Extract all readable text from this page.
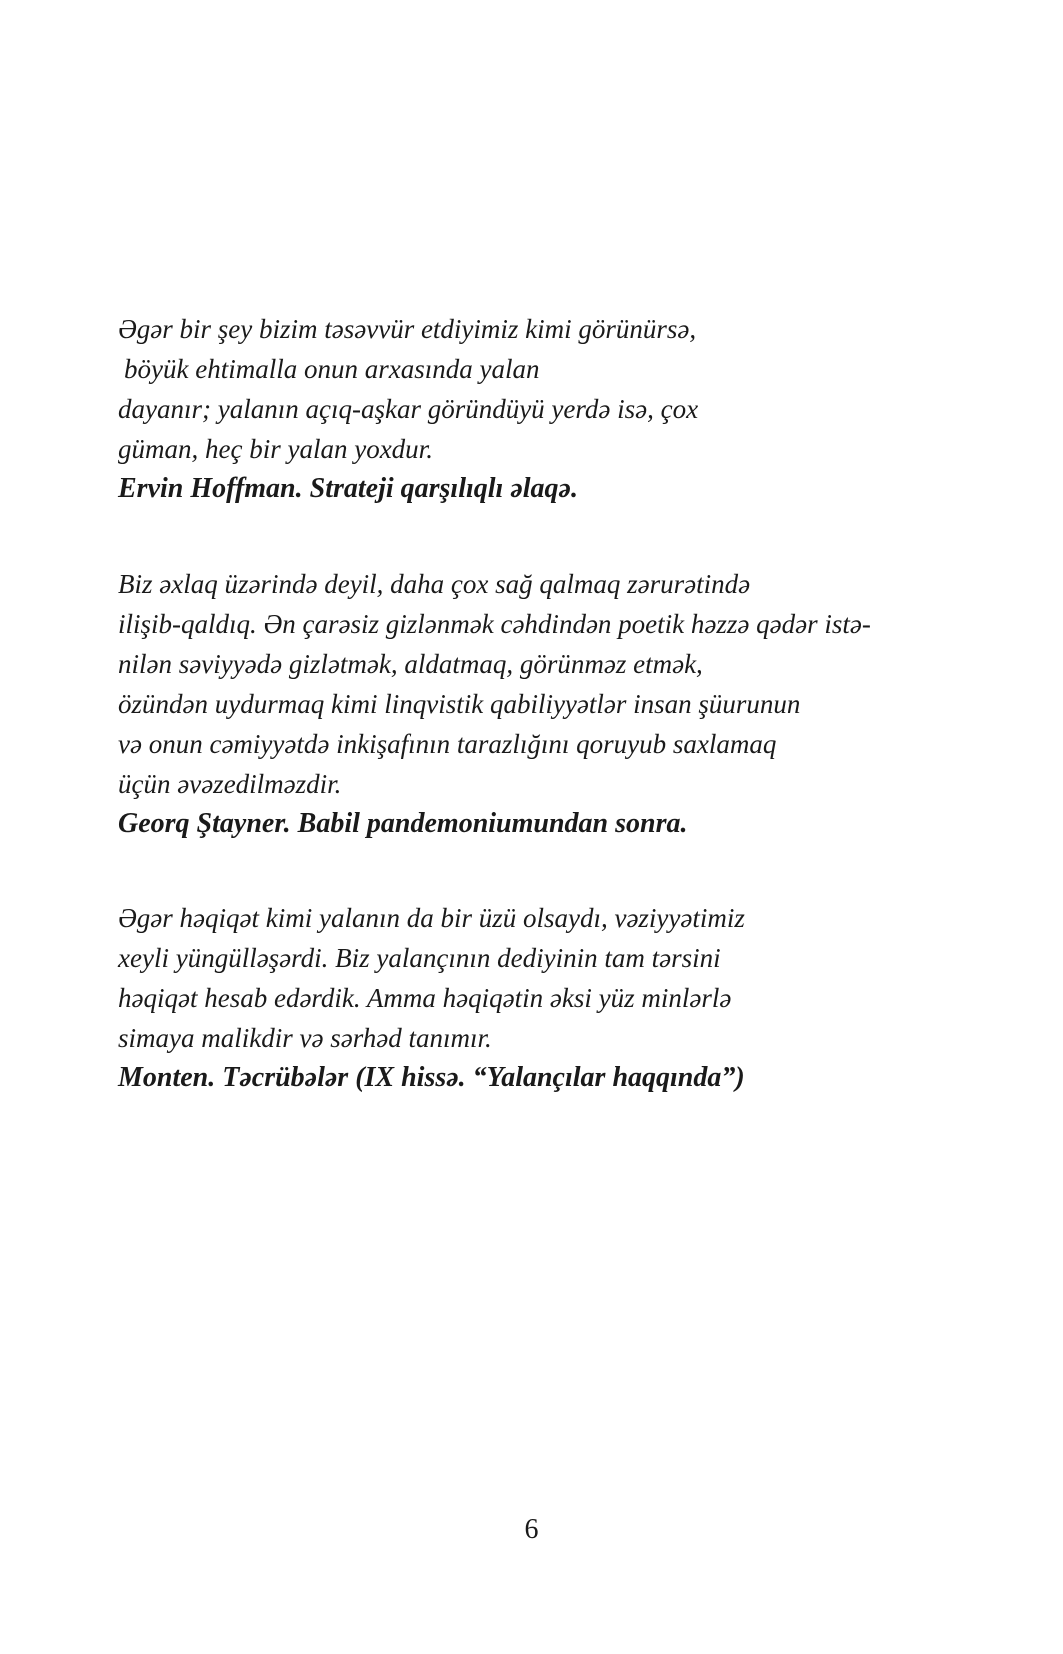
Əgər bir şey bizim təsəvvür etdiyimiz kimi görünürsə,
böyük ehtimalla onun arxasında yalan
dayanır; yalanın açıq-aşkar göründüyü yerdə isə, çox
güman, heç bir yalan yoxdur.
Ervin Hoffman. Strateji qarşılıqlı əlaqə.
Biz əxlaq üzərində deyil, daha çox sağ qalmaq zərurətində
ilişib-qaldıq. Ən çarəsiz gizlənmək cəhdindən poetik həzzə qədər istə-
nilən səviyyədə gizlətmək, aldatmaq, görünməz etmək,
özündən uydurmaq kimi linqvistik qabiliyyətlər insan şüurunun
və onun cəmiyyətdə inkişafının tarazlığını qoruyub saxlamaq
üçün əvəzedilməzdir.
Georq Ştayner. Babil pandemoniumundan sonra.
Əgər həqiqət kimi yalanın da bir üzü olsaydı, vəziyyətimiz
xeyli yüngülləşərdi. Biz yalançının dediyinin tam tərsini
həqiqət hesab edərdik. Amma həqiqətin əksi yüz minlərlə
simaya malikdir və sərhəd tanımır.
Monten. Təcrübələr (IX hissə. “Yalançılar haqqında”)
6
